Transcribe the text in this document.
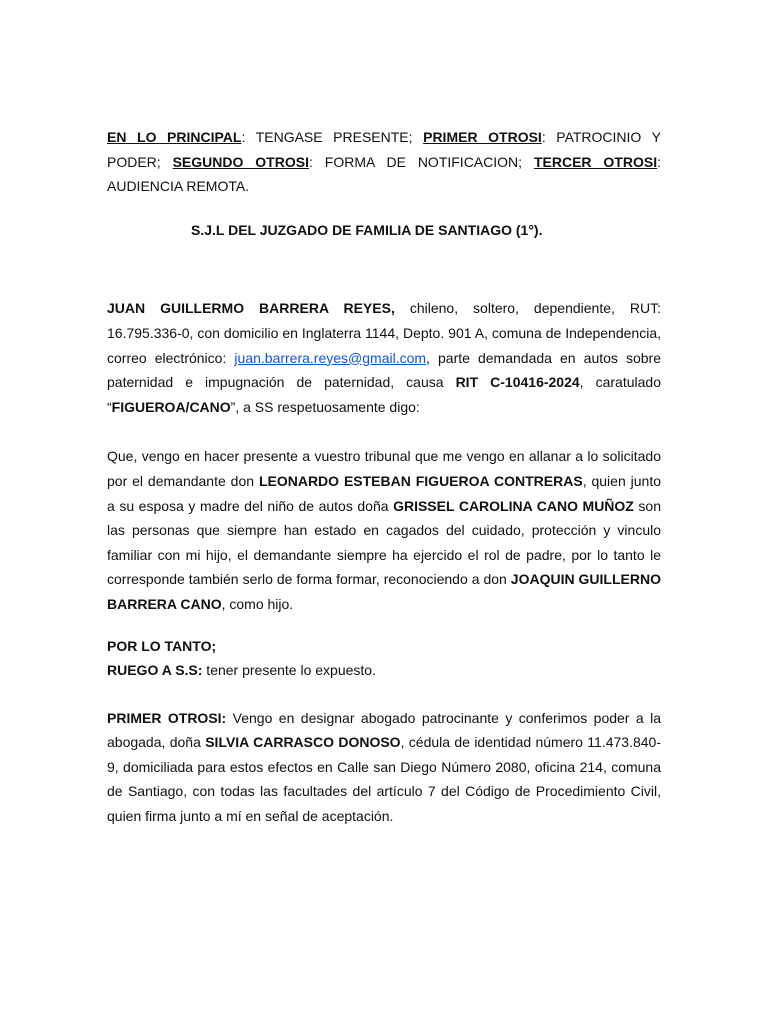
EN LO PRINCIPAL: TENGASE PRESENTE; PRIMER OTROSI: PATROCINIO Y PODER; SEGUNDO OTROSI: FORMA DE NOTIFICACION; TERCER OTROSI: AUDIENCIA REMOTA.

S.J.L DEL JUZGADO DE FAMILIA DE SANTIAGO (1°).

JUAN GUILLERMO BARRERA REYES, chileno, soltero, dependiente, RUT: 16.795.336-0, con domicilio en Inglaterra 1144, Depto. 901 A, comuna de Independencia, correo electrónico: juan.barrera.reyes@gmail.com, parte demandada en autos sobre paternidad e impugnación de paternidad, causa RIT C-10416-2024, caratulado “FIGUEROA/CANO”, a SS respetuosamente digo:

Que, vengo en hacer presente a vuestro tribunal que me vengo en allanar a lo solicitado por el demandante don LEONARDO ESTEBAN FIGUEROA CONTRERAS, quien junto a su esposa y madre del niño de autos doña GRISSEL CAROLINA CANO MUÑOZ son las personas que siempre han estado en cagados del cuidado, protección y vinculo familiar con mi hijo, el demandante siempre ha ejercido el rol de padre, por lo tanto le corresponde también serlo de forma formar, reconociendo a don JOAQUIN GUILLERNO BARRERA CANO, como hijo.

POR LO TANTO;

RUEGO A S.S: tener presente lo expuesto.

PRIMER OTROSI: Vengo en designar abogado patrocinante y conferimos poder a la abogada, doña SILVIA CARRASCO DONOSO, cédula de identidad número 11.473.840-9, domiciliada para estos efectos en Calle san Diego Número 2080, oficina 214, comuna de Santiago, con todas las facultades del artículo 7 del Código de Procedimiento Civil, quien firma junto a mí en señal de aceptación.
